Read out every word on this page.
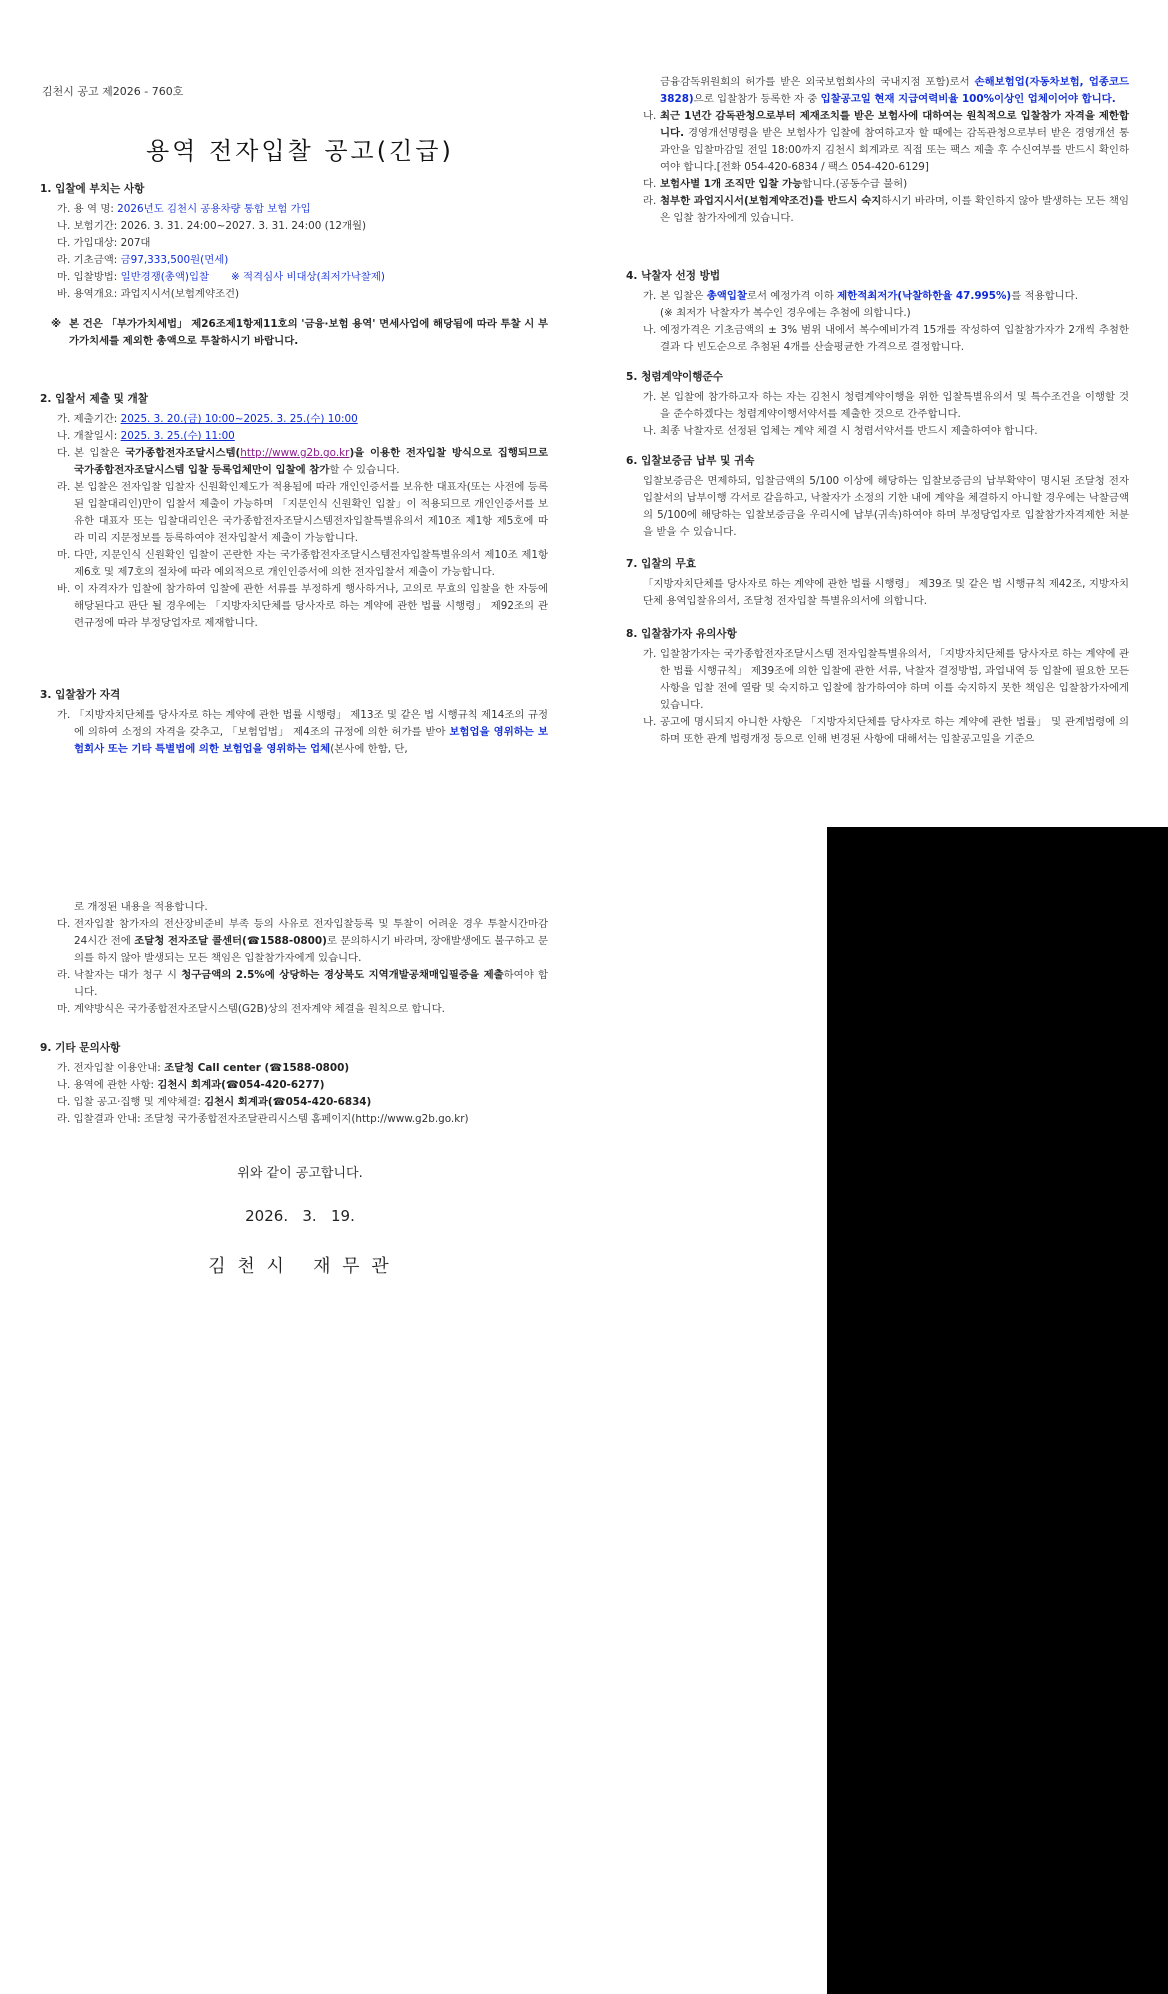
김천시 공고 제2026 - 760호
용역 전자입찰 공고(긴급)
1. 입찰에 부치는 사항
가. 용 역 명: 2026년도 김천시 공용차량 통합 보험 가입
나. 보험기간: 2026. 3. 31. 24:00~2027. 3. 31. 24:00 (12개월)
다. 가입대상: 207대
라. 기초금액: 금97,333,500원(면세)
마. 입찰방법: 일반경쟁(총액)입찰 ※ 적격심사 비대상(최저가낙찰제)
바. 용역개요: 과업지시서(보험계약조건)
※ 본 건은 「부가가치세법」 제26조제1항제11호의 '금융·보험 용역' 면세사업에 해당됨에 따라 투찰 시 부가가치세를 제외한 총액으로 투찰하시기 바랍니다.
2. 입찰서 제출 및 개찰
가. 제출기간: 2025. 3. 20.(금) 10:00~2025. 3. 25.(수) 10:00
나. 개찰일시: 2025. 3. 25.(수) 11:00
다. 본 입찰은 국가종합전자조달시스템(http://www.g2b.go.kr)을 이용한 전자입찰 방식으로 집행되므로 국가종합전자조달시스템 입찰 등록업체만이 입찰에 참가할 수 있습니다.
라. 본 입찰은 전자입찰 입찰자 신원확인제도가 적용됨에 따라 개인인증서를 보유한 대표자(또는 사전에 등록된 입찰대리인)만이 입찰서 제출이 가능하며 「지문인식 신원확인 입찰」이 적용되므로 개인인증서를 보유한 대표자 또는 입찰대리인은 국가종합전자조달시스템전자입찰특별유의서 제10조 제1항 제5호에 따라 미리 지문정보를 등록하여야 전자입찰서 제출이 가능합니다.
마. 다만, 지문인식 신원확인 입찰이 곤란한 자는 국가종합전자조달시스템전자입찰특별유의서 제10조 제1항 제6호 및 제7호의 절차에 따라 예외적으로 개인인증서에 의한 전자입찰서 제출이 가능합니다.
바. 이 자격자가 입찰에 참가하여 입찰에 관한 서류를 부정하게 행사하거나, 고의로 무효의 입찰을 한 자등에 해당된다고 판단 될 경우에는 「지방자치단체를 당사자로 하는 계약에 관한 법률 시행령」 제92조의 관련규정에 따라 부정당업자로 제재합니다.
3. 입찰참가 자격
가. 「지방자치단체를 당사자로 하는 계약에 관한 법률 시행령」 제13조 및 같은 법 시행규칙 제14조의 규정에 의하여 소정의 자격을 갖추고, 「보험업법」 제4조의 규정에 의한 허가를 받아 보험업을 영위하는 보험회사 또는 기타 특별법에 의한 보험업을 영위하는 업체(본사에 한함, 단,
금융감독위원회의 허가를 받은 외국보험회사의 국내지점 포함)로서 손해보험업(자동차보험, 업종코드 3828)으로 입찰참가 등록한 자 중 입찰공고일 현재 지급여력비율 100%이상인 업체이어야 합니다.
나. 최근 1년간 감독관청으로부터 제재조치를 받은 보험사에 대하여는 원칙적으로 입찰참가 자격을 제한합니다. 경영개선명령을 받은 보험사가 입찰에 참여하고자 할 때에는 감독관청으로부터 받은 경영개선 통과안을 입찰마감일 전일 18:00까지 김천시 회계과로 직접 또는 팩스 제출 후 수신여부를 반드시 확인하여야 합니다.[전화 054-420-6834 / 팩스 054-420-6129]
다. 보험사별 1개 조직만 입찰 가능합니다.(공동수급 불허)
라. 첨부한 과업지시서(보험계약조건)를 반드시 숙지하시기 바라며, 이를 확인하지 않아 발생하는 모든 책임은 입찰 참가자에게 있습니다.
4. 낙찰자 선정 방법
가. 본 입찰은 총액입찰로서 예정가격 이하 제한적최저가(낙찰하한율 47.995%)를 적용합니다.
(※ 최저가 낙찰자가 복수인 경우에는 추첨에 의합니다.)
나. 예정가격은 기초금액의 ± 3% 범위 내에서 복수예비가격 15개를 작성하여 입찰참가자가 2개씩 추첨한 결과 다 빈도순으로 추첨된 4개를 산술평균한 가격으로 결정합니다.
5. 청렴계약이행준수
가. 본 입찰에 참가하고자 하는 자는 김천시 청렴계약이행을 위한 입찰특별유의서 및 특수조건을 이행할 것을 준수하겠다는 청렴계약이행서약서를 제출한 것으로 간주합니다.
나. 최종 낙찰자로 선정된 업체는 계약 체결 시 청렴서약서를 반드시 제출하여야 합니다.
6. 입찰보증금 납부 및 귀속
입찰보증금은 면제하되, 입찰금액의 5/100 이상에 해당하는 입찰보증금의 납부확약이 명시된 조달청 전자입찰서의 납부이행 각서로 갈음하고, 낙찰자가 소정의 기한 내에 계약을 체결하지 아니할 경우에는 낙찰금액의 5/100에 해당하는 입찰보증금을 우리시에 납부(귀속)하여야 하며 부정당업자로 입찰참가자격제한 처분을 받을 수 있습니다.
7. 입찰의 무효
「지방자치단체를 당사자로 하는 계약에 관한 법률 시행령」 제39조 및 같은 법 시행규칙 제42조, 지방자치단체 용역입찰유의서, 조달청 전자입찰 특별유의서에 의합니다.
8. 입찰참가자 유의사항
가. 입찰참가자는 국가종합전자조달시스템 전자입찰특별유의서, 「지방자치단체를 당사자로 하는 계약에 관한 법률 시행규칙」 제39조에 의한 입찰에 관한 서류, 낙찰자 결정방법, 과업내역 등 입찰에 필요한 모든 사항을 입찰 전에 열람 및 숙지하고 입찰에 참가하여야 하며 이를 숙지하지 못한 책임은 입찰참가자에게 있습니다.
나. 공고에 명시되지 아니한 사항은 「지방자치단체를 당사자로 하는 계약에 관한 법률」 및 관계법령에 의하며 또한 관계 법령개정 등으로 인해 변경된 사항에 대해서는 입찰공고일을 기준으
로 개정된 내용을 적용합니다.
다. 전자입찰 참가자의 전산장비준비 부족 등의 사유로 전자입찰등록 및 투찰이 어려운 경우 투찰시간마감 24시간 전에 조달청 전자조달 콜센터(☎1588-0800)로 문의하시기 바라며, 장애발생에도 불구하고 문의를 하지 않아 발생되는 모든 책임은 입찰참가자에게 있습니다.
라. 낙찰자는 대가 청구 시 청구금액의 2.5%에 상당하는 경상북도 지역개발공채매입필증을 제출하여야 합니다.
마. 계약방식은 국가종합전자조달시스템(G2B)상의 전자계약 체결을 원칙으로 합니다.
9. 기타 문의사항
가. 전자입찰 이용안내: 조달청 Call center (☎1588-0800)
나. 용역에 관한 사항: 김천시 회계과(☎054-420-6277)
다. 입찰 공고·집행 및 계약체결: 김천시 회계과(☎054-420-6834)
라. 입찰결과 안내: 조달청 국가종합전자조달관리시스템 홈페이지(http://www.g2b.go.kr)
위와 같이 공고합니다.
2026.   3.   19.
김 천 시   재 무 관
